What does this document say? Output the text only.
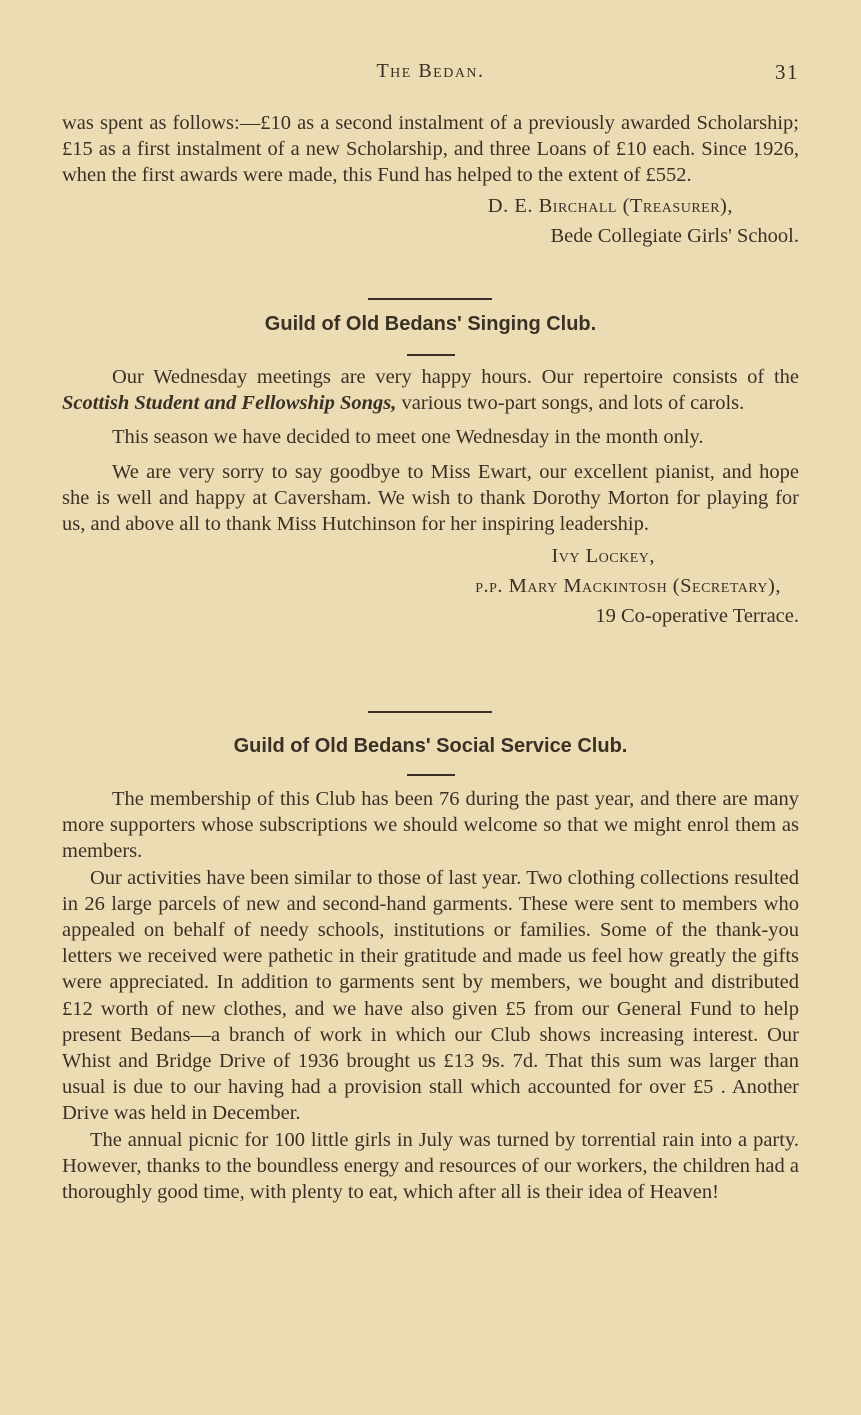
The Bedan.	31

was spent as follows:—£10 as a second instalment of a previously awarded Scholarship; £15 as a first instalment of a new Scholarship, and three Loans of £10 each. Since 1926, when the first awards were made, this Fund has helped to the extent of £552.

D. E. Birchall (Treasurer),
Bede Collegiate Girls' School.
Guild of Old Bedans' Singing Club.

Our Wednesday meetings are very happy hours. Our repertoire consists of the Scottish Student and Fellowship Songs, various two-part songs, and lots of carols.

This season we have decided to meet one Wednesday in the month only.

We are very sorry to say goodbye to Miss Ewart, our excellent pianist, and hope she is well and happy at Caversham. We wish to thank Dorothy Morton for playing for us, and above all to thank Miss Hutchinson for her inspiring leadership.

Ivy Lockey,
p.p. Mary Mackintosh (Secretary),
19 Co-operative Terrace.
Guild of Old Bedans' Social Service Club.

The membership of this Club has been 76 during the past year, and there are many more supporters whose subscriptions we should welcome so that we might enrol them as members.

Our activities have been similar to those of last year. Two clothing collections resulted in 26 large parcels of new and second-hand garments. These were sent to members who appealed on behalf of needy schools, institutions or families. Some of the thank-you letters we received were pathetic in their gratitude and made us feel how greatly the gifts were appreciated. In addition to garments sent by members, we bought and distributed £12 worth of new clothes, and we have also given £5 from our General Fund to help present Bedans—a branch of work in which our Club shows increasing interest. Our Whist and Bridge Drive of 1936 brought us £13 9s. 7d. That this sum was larger than usual is due to our having had a provision stall which accounted for over £5 . Another Drive was held in December.

The annual picnic for 100 little girls in July was turned by torrential rain into a party. However, thanks to the boundless energy and resources of our workers, the children had a thoroughly good time, with plenty to eat, which after all is their idea of Heaven!
